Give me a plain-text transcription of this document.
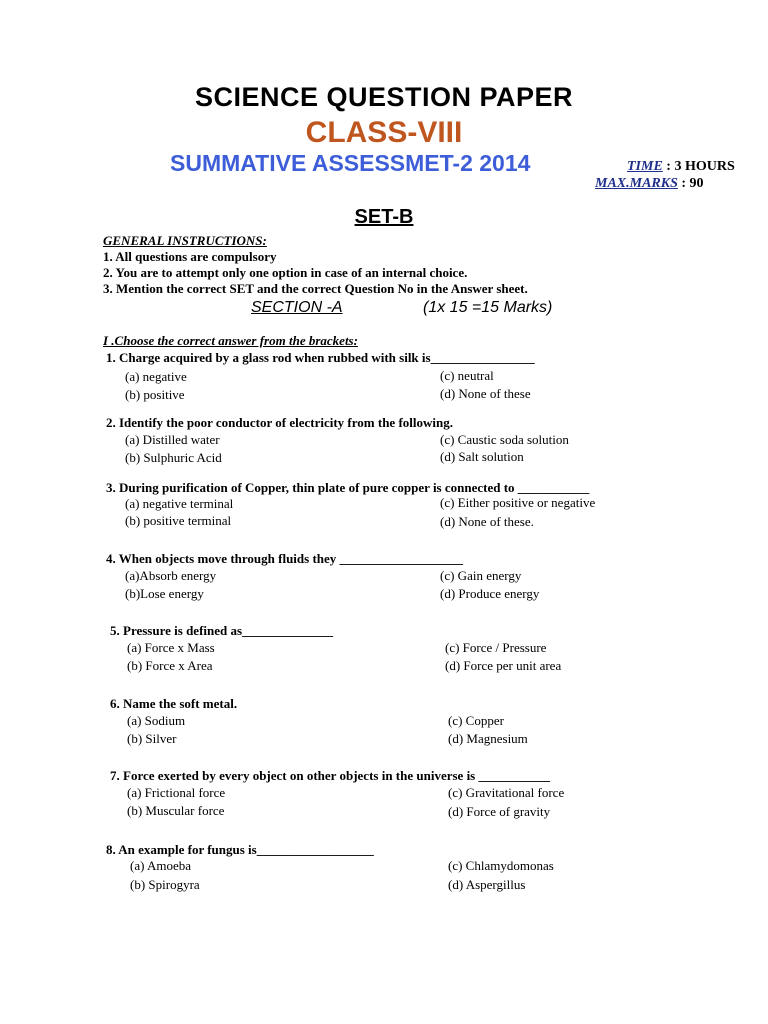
SCIENCE QUESTION PAPER
CLASS-VIII
SUMMATIVE ASSESSMET-2 2014	TIME : 3 HOURS
MAX.MARKS : 90
SET-B
GENERAL INSTRUCTIONS:
1. All questions are compulsory
2. You are to attempt only one option in case of an internal choice.
3. Mention the correct SET and the correct Question No in the Answer sheet.
SECTION -A	(1x 15 =15 Marks)
I .Choose the correct answer from the brackets:
1. Charge acquired by a glass rod when rubbed with silk is________________
(a) negative
(b) positive
(c) neutral
(d) None of these
2. Identify the poor conductor of electricity from the following.
(a) Distilled water
(b) Sulphuric Acid
(c) Caustic soda solution
(d) Salt solution
3. During purification of Copper, thin plate of pure copper is connected to ___________
(a) negative terminal
(b) positive terminal
(c) Either positive or negative
(d) None of these.
4. When objects move through fluids they ___________________
(a)Absorb energy
(b)Lose energy
(c) Gain energy
(d) Produce energy
5. Pressure is defined as______________
(a) Force x Mass
(b) Force x Area
(c) Force / Pressure
(d) Force per unit area
6. Name the soft metal.
(a) Sodium
(b) Silver
(c) Copper
(d) Magnesium
7. Force exerted by every object on other objects in the universe is ___________
(a) Frictional force
(b) Muscular force
(c) Gravitational force
(d) Force of gravity
8. An example for fungus is__________________
(a) Amoeba
(b) Spirogyra
(c) Chlamydomonas
(d) Aspergillus
